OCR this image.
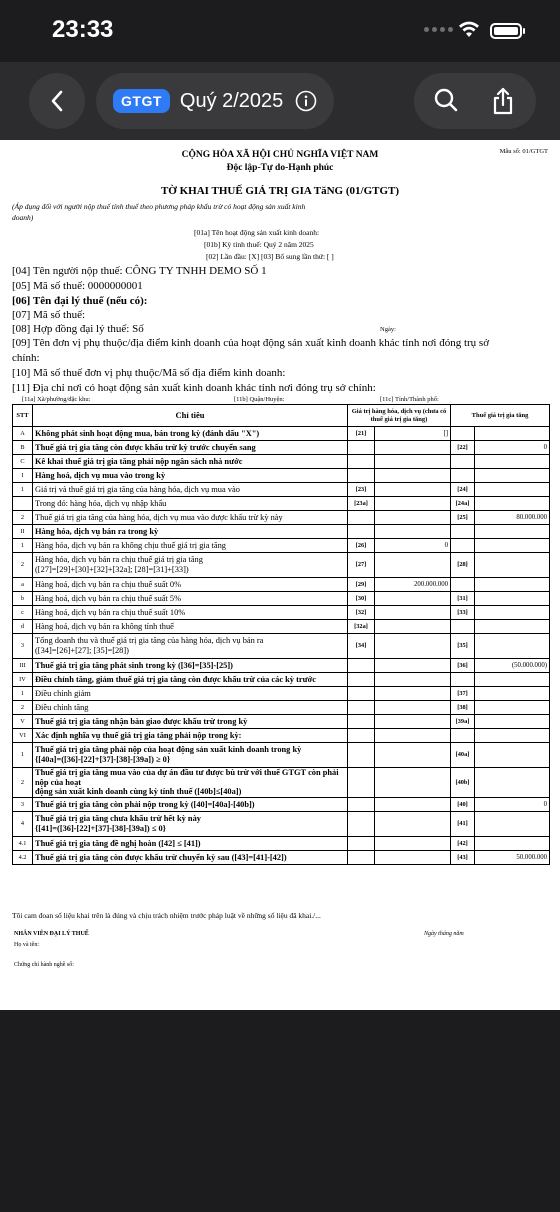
23:33
GTGT Quý 2/2025
Mẫu số: 01/GTGT
CỘNG HÒA XÃ HỘI CHỦ NGHĨA VIỆT NAM
Độc lập-Tự do-Hạnh phúc
TỜ KHAI THUẾ GIÁ TRỊ GIA TăNG (01/GTGT)
(Áp dụng đối với người nộp thuế tính thuế theo phương pháp khấu trừ có hoạt động sản xuất kinh
doanh)
[01a] Tên hoạt động sản xuất kinh doanh:
[01b] Kỳ tính thuế: Quý 2 năm 2025
[02] Lần đầu: [X] [03] Bổ sung lần thứ: [ ]
[04] Tên người nộp thuế: CÔNG TY TNHH DEMO SỐ 1
[05] Mã số thuế: 0000000001
[06] Tên đại lý thuế (nếu có):
[07] Mã số thuế:
[08] Hợp đồng đại lý thuế: Số	Ngày:
[09] Tên đơn vị phụ thuộc/địa điểm kinh doanh của hoạt động sản xuất kinh doanh khác tỉnh nơi đóng trụ sở
chính:
[10] Mã số thuế đơn vị phụ thuộc/Mã số địa điểm kinh doanh:
[11] Địa chỉ nơi có hoạt động sản xuất kinh doanh khác tỉnh nơi đóng trụ sở chính:
[11a] Xã/phường/đặc khu:	[11b] Quận/Huyện:	[11c] Tỉnh/Thành phố:
STT	Chỉ tiêu	Giá trị hàng hóa, dịch vụ (chưa có thuế giá trị gia tăng)		Thuế giá trị gia tăng	
A	Không phát sinh hoạt động mua, bán trong kỳ (đánh dấu "X")	[21]	[]		
B	Thuế giá trị gia tăng còn được khấu trừ kỳ trước chuyển sang			[22]	0
C	Kê khai thuế giá trị gia tăng phải nộp ngân sách nhà nước				

I	Hàng hoá, dịch vụ mua vào trong kỳ				

1	Giá trị và thuế giá trị gia tăng của hàng hóa, dịch vụ mua vào	[23]		[24]	

	Trong đó: hàng hóa, dịch vụ nhập khẩu	[23a]		[24a]	
2	Thuế giá trị gia tăng của hàng hóa, dịch vụ mua vào được khấu trừ kỳ này			[25]	80.000.000
II	Hàng hóa, dịch vụ bán ra trong kỳ				

1	Hàng hóa, dịch vụ bán ra không chịu thuế giá trị gia tăng	[26]	0		
2	Hàng hóa, dịch vụ bán ra chịu thuế giá trị gia tăng
([27]=[29]+[30]+[32]+[32a]; [28]=[31]+[33])	[27]		[28]	
a	Hàng hoá, dịch vụ bán ra chịu thuế suất 0%	[29]	200.000.000		
b	Hàng hoá, dịch vụ bán ra chịu thuế suất 5%	[30]		[31]	
c	Hàng hoá, dịch vụ bán ra chịu thuế suất 10%	[32]		[33]	
d	Hàng hoá, dịch vụ bán ra không tính thuế	[32a]			
3	Tổng doanh thu và thuế giá trị gia tăng của hàng hóa, dịch vụ bán ra
([34]=[26]+[27]; [35]=[28])	[34]		[35]	
III	Thuế giá trị gia tăng phát sinh trong kỳ ([36]=[35]-[25])			[36]	(50.000.000)
IV	Điều chỉnh tăng, giảm thuế giá trị gia tăng còn được khấu trừ của các kỳ trước				

1	Điều chỉnh giảm			[37]	
2	Điều chỉnh tăng			[38]	
V	Thuế giá trị gia tăng nhận bàn giao được khấu trừ trong kỳ			[39a]	
VI	Xác định nghĩa vụ thuế giá trị gia tăng phải nộp trong kỳ:				

1	Thuế giá trị gia tăng phải nộp của hoạt động sản xuất kinh doanh trong kỳ
{[40a]=([36]-[22]+[37]-[38]-[39a]) ≥ 0}			[40a]	
2	Thuế giá trị gia tăng mua vào của dự án đầu tư được bù trừ với thuế GTGT còn phải nộp của hoạt
động sản xuất kinh doanh cùng kỳ tính thuế ([40b]≤[40a])			[40b]	
3	Thuế giá trị gia tăng còn phải nộp trong kỳ ([40]=[40a]-[40b])			[40]	0
4	Thuế giá trị gia tăng chưa khấu trừ hết kỳ này
{[41]=([36]-[22]+[37]-[38]-[39a]) ≤ 0}			[41]	
4.1	Thuế giá trị gia tăng đề nghị hoàn ([42] ≤ [41])			[42]	
4.2	Thuế giá trị gia tăng còn được khấu trừ chuyển kỳ sau ([43]=[41]-[42])			[43]	50.000.000
Tôi cam đoan số liệu khai trên là đúng và chịu trách nhiệm trước pháp luật về những số liệu đã khai./...
NHÂN VIÊN ĐẠI LÝ THUẾ	Ngày tháng năm
Họ và tên:
Chứng chỉ hành nghề số:
